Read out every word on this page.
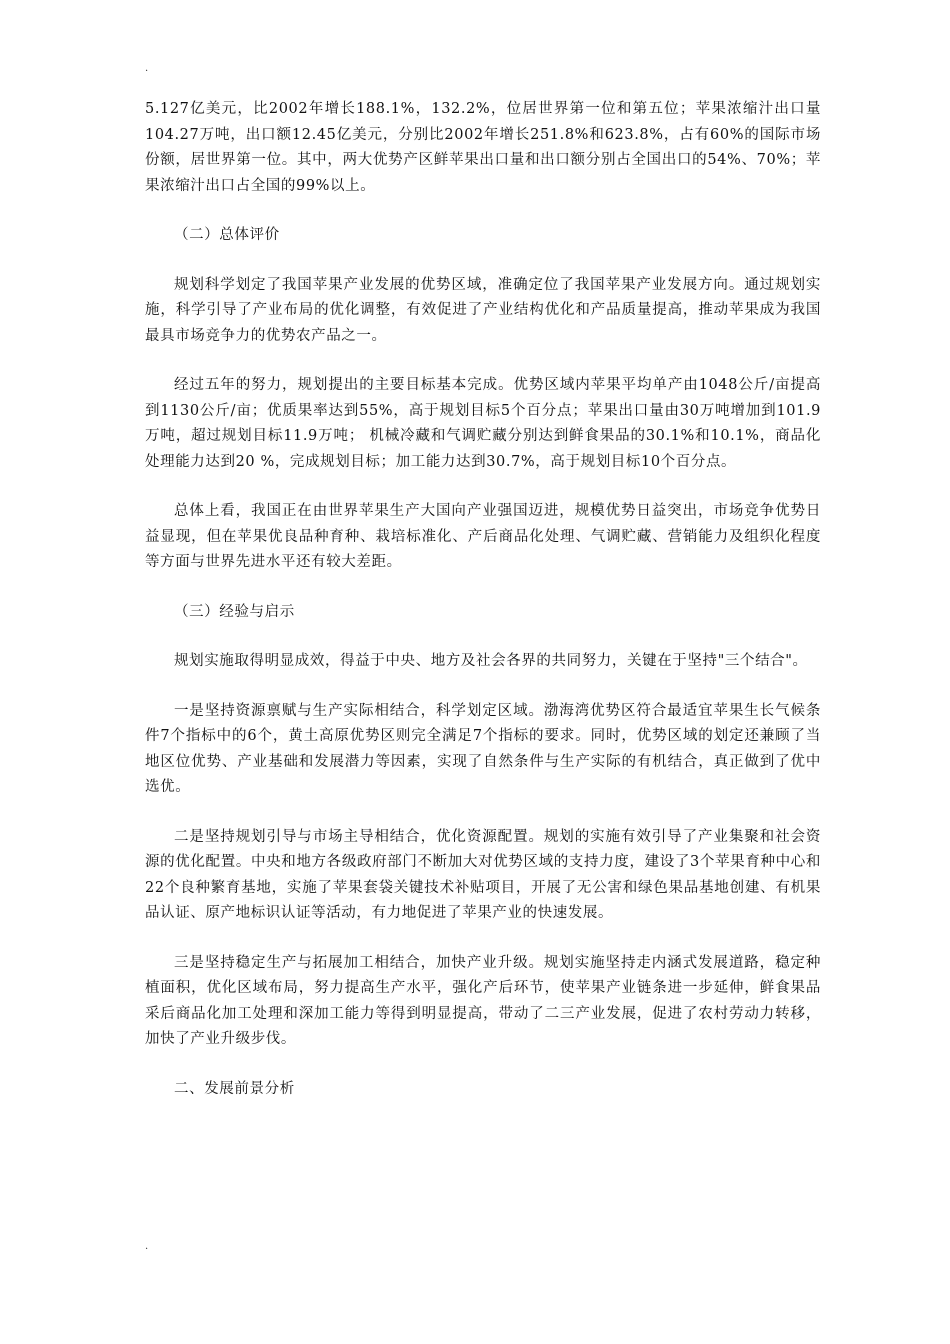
.

5.127亿美元，比2002年增长188.1%，132.2%，位居世界第一位和第五位；苹果浓缩汁出口量104.27万吨，出口额12.45亿美元，分别比2002年增长251.8%和623.8%，占有60%的国际市场份额，居世界第一位。其中，两大优势产区鲜苹果出口量和出口额分别占全国出口的54%、70%；苹果浓缩汁出口占全国的99%以上。

（二）总体评价

规划科学划定了我国苹果产业发展的优势区域，准确定位了我国苹果产业发展方向。通过规划实施，科学引导了产业布局的优化调整，有效促进了产业结构优化和产品质量提高，推动苹果成为我国最具市场竞争力的优势农产品之一。

经过五年的努力，规划提出的主要目标基本完成。优势区域内苹果平均单产由1048公斤/亩提高到1130公斤/亩；优质果率达到55%，高于规划目标5个百分点；苹果出口量由30万吨增加到101.9万吨，超过规划目标11.9万吨； 机械冷藏和气调贮藏分别达到鲜食果品的30.1%和10.1%，商品化处理能力达到20 %，完成规划目标；加工能力达到30.7%，高于规划目标10个百分点。

总体上看，我国正在由世界苹果生产大国向产业强国迈进，规模优势日益突出，市场竞争优势日益显现，但在苹果优良品种育种、栽培标准化、产后商品化处理、气调贮藏、营销能力及组织化程度等方面与世界先进水平还有较大差距。

（三）经验与启示

规划实施取得明显成效，得益于中央、地方及社会各界的共同努力，关键在于坚持"三个结合"。

一是坚持资源禀赋与生产实际相结合，科学划定区域。渤海湾优势区符合最适宜苹果生长气候条件7个指标中的6个，黄土高原优势区则完全满足7个指标的要求。同时，优势区域的划定还兼顾了当地区位优势、产业基础和发展潜力等因素，实现了自然条件与生产实际的有机结合，真正做到了优中选优。

二是坚持规划引导与市场主导相结合，优化资源配置。规划的实施有效引导了产业集聚和社会资源的优化配置。中央和地方各级政府部门不断加大对优势区域的支持力度，建设了3个苹果育种中心和22个良种繁育基地，实施了苹果套袋关键技术补贴项目，开展了无公害和绿色果品基地创建、有机果品认证、原产地标识认证等活动，有力地促进了苹果产业的快速发展。

三是坚持稳定生产与拓展加工相结合，加快产业升级。规划实施坚持走内涵式发展道路，稳定种植面积，优化区域布局，努力提高生产水平，强化产后环节，使苹果产业链条进一步延伸，鲜食果品采后商品化加工处理和深加工能力等得到明显提高，带动了二三产业发展，促进了农村劳动力转移，加快了产业升级步伐。

二、发展前景分析

.
